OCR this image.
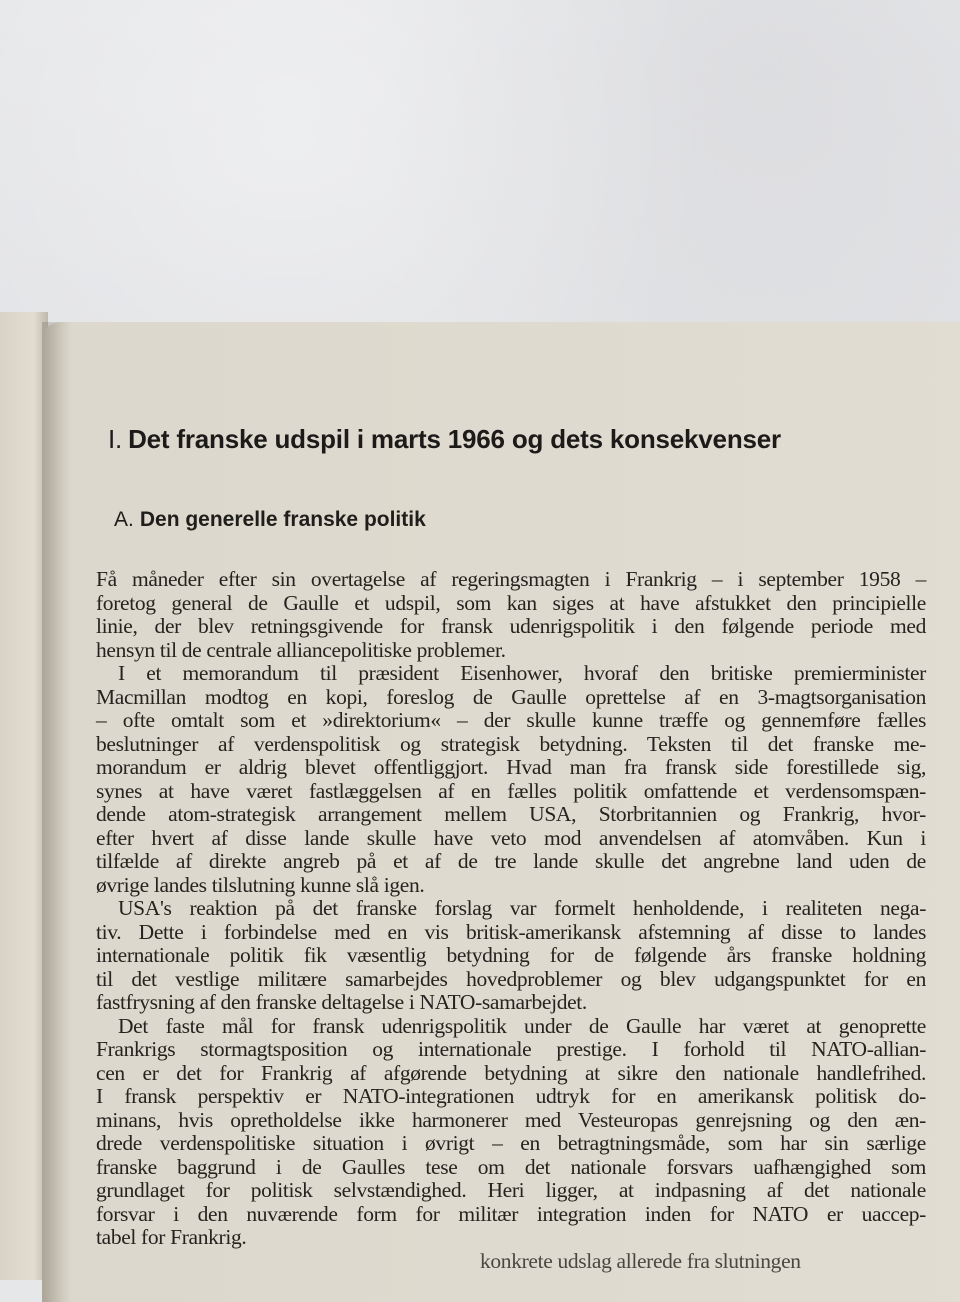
I. Det franske udspil i marts 1966 og dets konsekvenser
A. Den generelle franske politik
Få måneder efter sin overtagelse af regeringsmagten i Frankrig – i september 1958 –
foretog general de Gaulle et udspil, som kan siges at have afstukket den principielle
linie, der blev retningsgivende for fransk udenrigspolitik i den følgende periode med
hensyn til de centrale alliancepolitiske problemer.
I et memorandum til præsident Eisenhower, hvoraf den britiske premierminister
Macmillan modtog en kopi, foreslog de Gaulle oprettelse af en 3-magtsorganisation
– ofte omtalt som et »direktorium« – der skulle kunne træffe og gennemføre fælles
beslutninger af verdenspolitisk og strategisk betydning. Teksten til det franske me-
morandum er aldrig blevet offentliggjort. Hvad man fra fransk side forestillede sig,
synes at have været fastlæggelsen af en fælles politik omfattende et verdensomspæn-
dende atom-strategisk arrangement mellem USA, Storbritannien og Frankrig, hvor-
efter hvert af disse lande skulle have veto mod anvendelsen af atomvåben. Kun i
tilfælde af direkte angreb på et af de tre lande skulle det angrebne land uden de
øvrige landes tilslutning kunne slå igen.
USA's reaktion på det franske forslag var formelt henholdende, i realiteten nega-
tiv. Dette i forbindelse med en vis britisk-amerikansk afstemning af disse to landes
internationale politik fik væsentlig betydning for de følgende års franske holdning
til det vestlige militære samarbejdes hovedproblemer og blev udgangspunktet for en
fastfrysning af den franske deltagelse i NATO-samarbejdet.
Det faste mål for fransk udenrigspolitik under de Gaulle har været at genoprette
Frankrigs stormagtsposition og internationale prestige. I forhold til NATO-allian-
cen er det for Frankrig af afgørende betydning at sikre den nationale handlefrihed.
I fransk perspektiv er NATO-integrationen udtryk for en amerikansk politisk do-
minans, hvis opretholdelse ikke harmonerer med Vesteuropas genrejsning og den æn-
drede verdenspolitiske situation i øvrigt – en betragtningsmåde, som har sin særlige
franske baggrund i de Gaulles tese om det nationale forsvars uafhængighed som
grundlaget for politisk selvstændighed. Heri ligger, at indpasning af det nationale
forsvar i den nuværende form for militær integration inden for NATO er uaccep-
tabel for Frankrig.
konkrete udslag allerede fra slutningen
